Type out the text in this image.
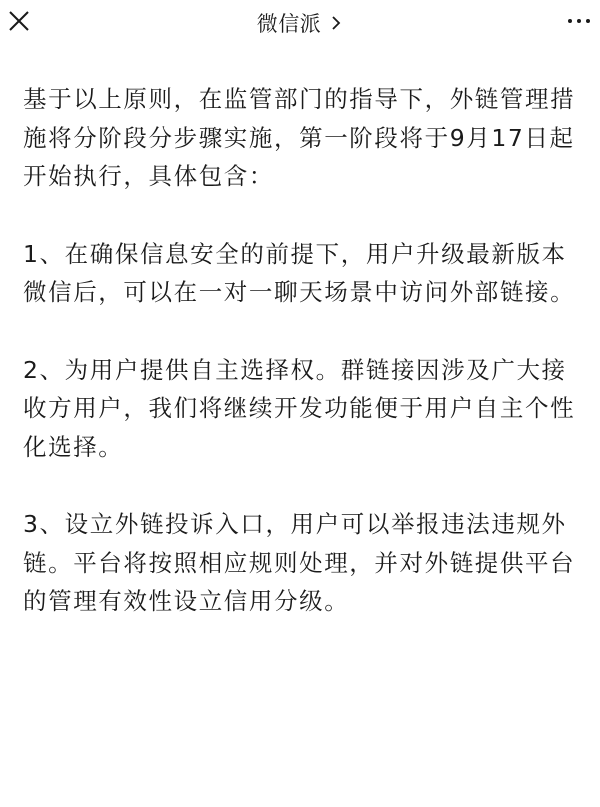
微信派

基于以上原则，在监管部门的指导下，外链管理措施将分阶段分步骤实施，第一阶段将于9月17日起开始执行，具体包含：

1、在确保信息安全的前提下，用户升级最新版本微信后，可以在一对一聊天场景中访问外部链接。

2、为用户提供自主选择权。群链接因涉及广大接收方用户，我们将继续开发功能便于用户自主个性化选择。

3、设立外链投诉入口，用户可以举报违法违规外链。平台将按照相应规则处理，并对外链提供平台的管理有效性设立信用分级。
